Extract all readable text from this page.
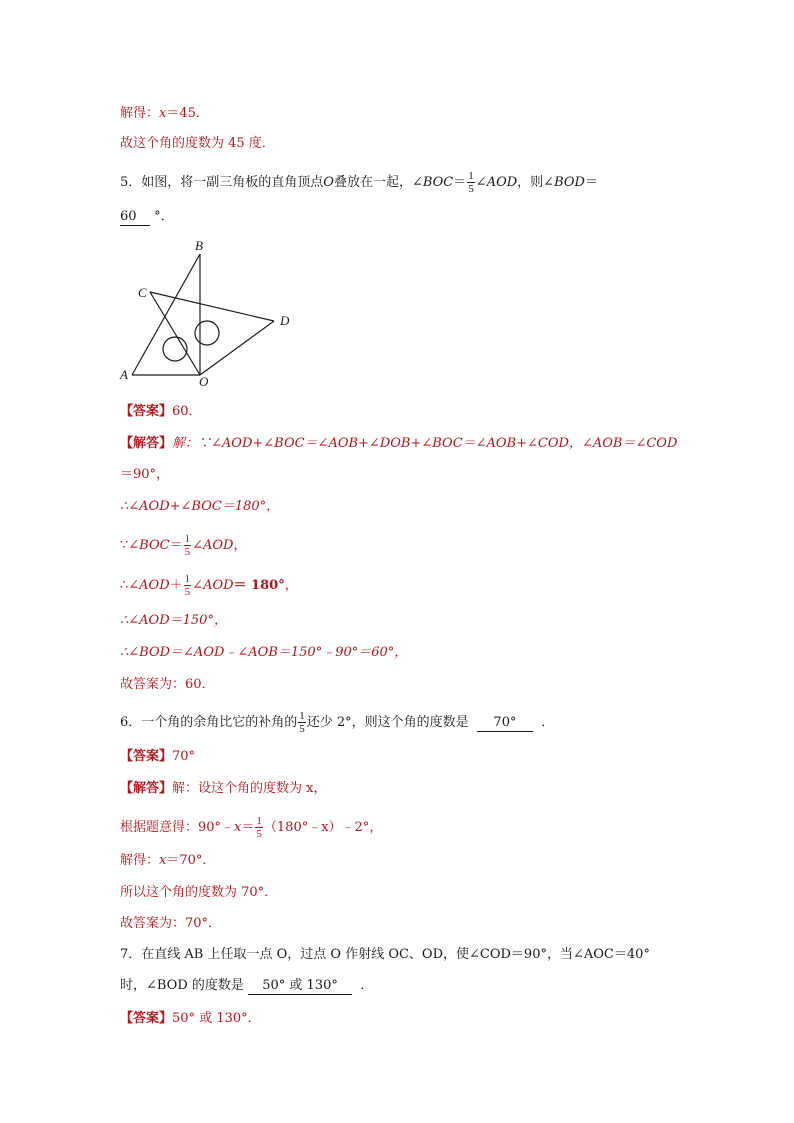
解得：x＝45．
故这个角的度数为 45 度．
5．如图，将一副三角板的直角顶点O叠放在一起，∠BOC＝ $\frac{1}{5}$ ∠AOD，则∠BOD＝
60 °．
B
C
D
A	O
【答案】60．
【解答】解：∵∠AOD+∠BOC＝∠AOB+∠DOB+∠BOC＝∠AOB+∠COD，∠AOB＝∠COD
＝90°，
∴∠AOD+∠BOC＝180°，
∵∠BOC＝ $\frac{1}{5}$ ∠AOD，
∴∠AOD＋ $\frac{1}{5}$ ∠AOD＝ 180°，
∴∠AOD＝150°，
∴∠BOD＝∠AOD﹣∠AOB＝150°﹣90°＝60°，
故答案为：60．
6．一个角的余角比它的补角的 $\frac{1}{5}$ 还少 2°，则这个角的度数是 70° ．
【答案】70°
【解答】解：设这个角的度数为 x，
根据题意得：90°﹣x＝ $\frac{1}{5}$ （180°﹣x）﹣2°，
解得：x＝70°．
所以这个角的度数为 70°．
故答案为：70°．
7．在直线 AB 上任取一点 O，过点 O 作射线 OC、OD，使∠COD＝90°，当∠AOC＝40°
时，∠BOD 的度数是 50° 或 130° ．
【答案】50° 或 130°．
